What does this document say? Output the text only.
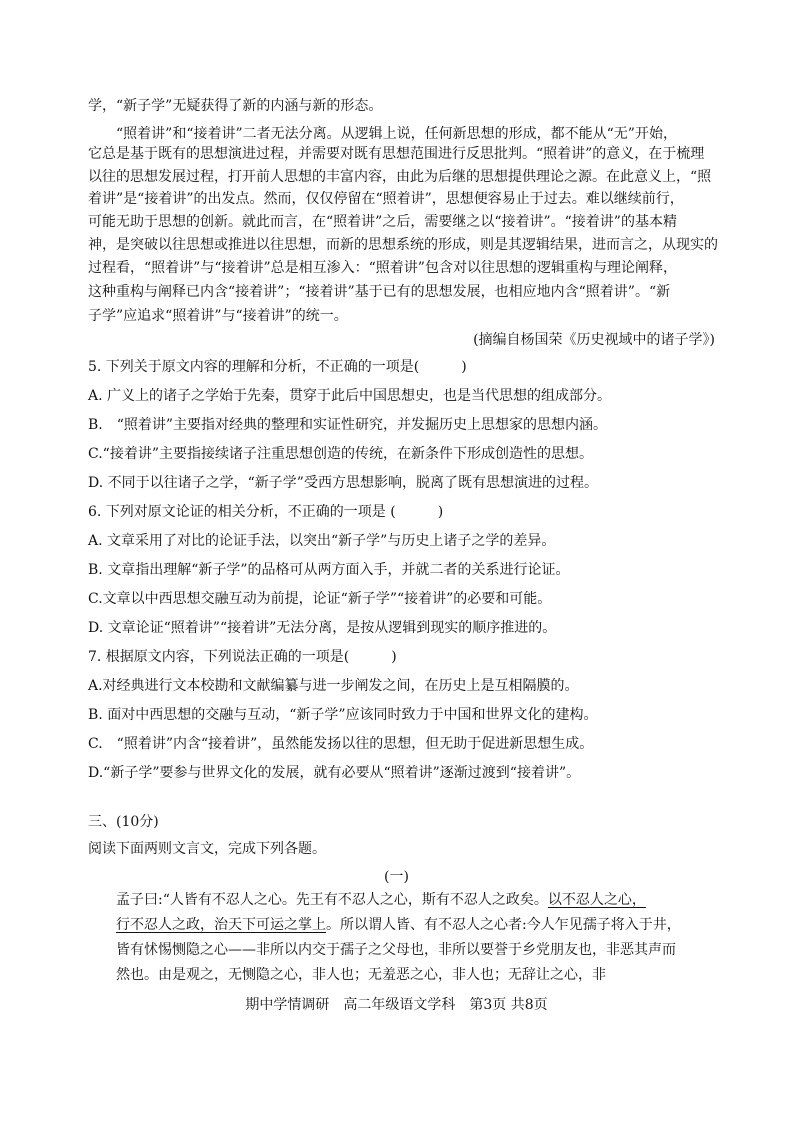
学，“新子学”无疑获得了新的内涵与新的形态。
“照着讲”和“接着讲”二者无法分离。从逻辑上说，任何新思想的形成，都不能从“无”开始，
它总是基于既有的思想演进过程，并需要对既有思想范围进行反思批判。“照着讲”的意义，在于梳理
以往的思想发展过程，打开前人思想的丰富内容，由此为后继的思想提供理论之源。在此意义上，“照
着讲”是“接着讲”的出发点。然而，仅仅停留在“照着讲”，思想便容易止于过去。难以继续前行，
可能无助于思想的创新。就此而言，在“照着讲”之后，需要继之以“接着讲”。“接着讲”的基本精
神，是突破以往思想或推进以往思想，而新的思想系统的形成，则是其逻辑结果，进而言之，从现实的
过程看，“照着讲”与“接着讲”总是相互渗入：“照着讲”包含对以往思想的逻辑重构与理论阐释，
这种重构与阐释已内含“接着讲”；“接着讲”基于已有的思想发展，也相应地内含“照着讲”。“新
子学”应追求“照着讲”与“接着讲”的统一。
(摘编自杨国荣《历史视域中的诸子学》)
5. 下列关于原文内容的理解和分析，不正确的一项是(　　　)
A. 广义上的诸子之学始于先秦，贯穿于此后中国思想史，也是当代思想的组成部分。
B.　“照着讲”主要指对经典的整理和实证性研究，并发掘历史上思想家的思想内涵。
C.“接着讲”主要指接续诸子注重思想创造的传统，在新条件下形成创造性的思想。
D. 不同于以往诸子之学，“新子学”受西方思想影响，脱离了既有思想演进的过程。
6. 下列对原文论证的相关分析，不正确的一项是 (　　　)
A. 文章采用了对比的论证手法，以突出“新子学”与历史上诸子之学的差异。
B. 文章指出理解“新子学”的品格可从两方面入手，并就二者的关系进行论证。
C.文章以中西思想交融互动为前提，论证“新子学”“接着讲”的必要和可能。
D. 文章论证“照着讲”“接着讲”无法分离，是按从逻辑到现实的顺序推进的。
7. 根据原文内容，下列说法正确的一项是(　　　)
A.对经典进行文本校勘和文献编纂与进一步阐发之间，在历史上是互相隔膜的。
B. 面对中西思想的交融与互动，“新子学”应该同时致力于中国和世界文化的建构。
C.　“照着讲”内含“接着讲”，虽然能发扬以往的思想，但无助于促进新思想生成。
D.“新子学”要参与世界文化的发展，就有必要从“照着讲”逐渐过渡到“接着讲”。
三、(10分)
阅读下面两则文言文，完成下列各题。
(一)
孟子曰:“人皆有不忍人之心。先王有不忍人之心，斯有不忍人之政矣。以不忍人之心，
行不忍人之政，治天下可运之掌上。所以谓人皆、有不忍人之心者:今人乍见孺子将入于井，
皆有怵惕恻隐之心——非所以内交于孺子之父母也，非所以要誉于乡党朋友也，非恶其声而
然也。由是观之，无恻隐之心，非人也；无羞恶之心，非人也；无辞让之心，非
期中学情调研　高二年级语文学科　第3页 共8页
